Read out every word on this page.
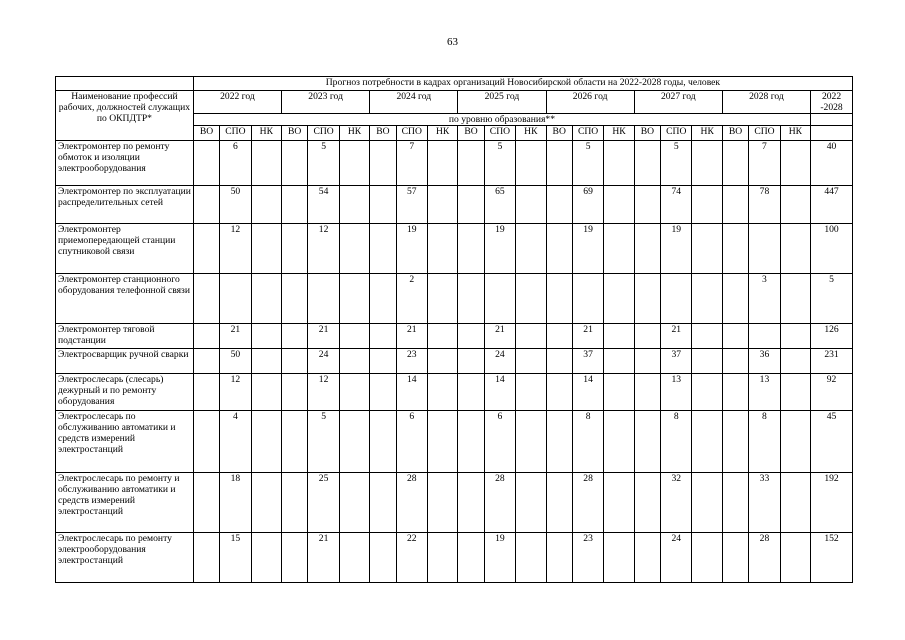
63
	Прогноз потребности в кадрах организаций Новосибирской области на 2022-2028 годы, человек																					
Наименование профессий рабочих, должностей служащих по ОКПДТР*	2022 год			2023 год			2024 год			2025 год			2026 год			2027 год			2028 год			2022 -2028
	по уровню образования**																					
	ВО	СПО	НК	ВО	СПО	НК	ВО	СПО	НК	ВО	СПО	НК	ВО	СПО	НК	ВО	СПО	НК	ВО	СПО	НК	
Электромонтер по ремонту обмоток и изоляции электрооборудования		6			5			7			5			5			5			7		40
Электромонтер по эксплуатации распределительных сетей		50			54			57			65			69			74			78		447
Электромонтер приемопередающей станции спутниковой связи		12			12			19			19			19			19					100
Электромонтер станционного оборудования телефонной связи								2												3		5
Электромонтер тяговой подстанции		21			21			21			21			21			21					126
Электросварщик ручной сварки		50			24			23			24			37			37			36		231
Электрослесарь (слесарь) дежурный и по ремонту оборудования		12			12			14			14			14			13			13		92
Электрослесарь по обслуживанию автоматики и средств измерений электростанций		4			5			6			6			8			8			8		45
Электрослесарь по ремонту и обслуживанию автоматики и средств измерений электростанций		18			25			28			28			28			32			33		192
Электрослесарь по ремонту электрооборудования электростанций		15			21			22			19			23			24			28		152
